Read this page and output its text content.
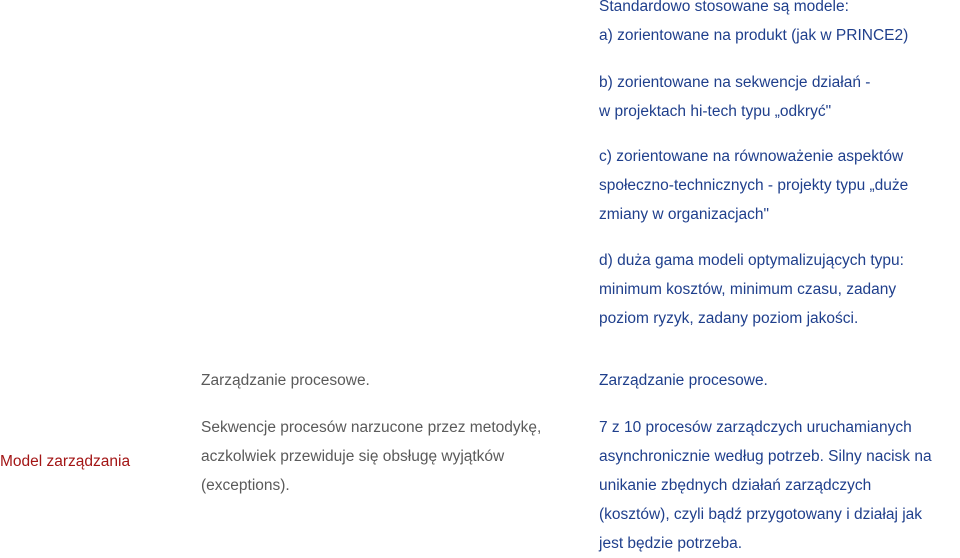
Standardowo stosowane są modele:
a) zorientowane na produkt (jak w PRINCE2)
b) zorientowane na sekwencje działań -
w projektach hi-tech typu „odkryć"
c) zorientowane na równoważenie aspektów
społeczno-technicznych - projekty typu „duże
zmiany w organizacjach"
d) duża gama modeli optymalizujących typu:
minimum kosztów, minimum czasu, zadany
poziom ryzyk, zadany poziom jakości.
Zarządzanie procesowe.	Zarządzanie procesowe.
Model zarządzania
Sekwencje procesów narzucone przez metodykę,
aczkolwiek przewiduje się obsługę wyjątków
(exceptions).
7 z 10 procesów zarządczych uruchamianych
asynchronicznie według potrzeb. Silny nacisk na
unikanie zbędnych działań zarządczych
(kosztów), czyli bądź przygotowany i działaj jak
jest będzie potrzeba.
